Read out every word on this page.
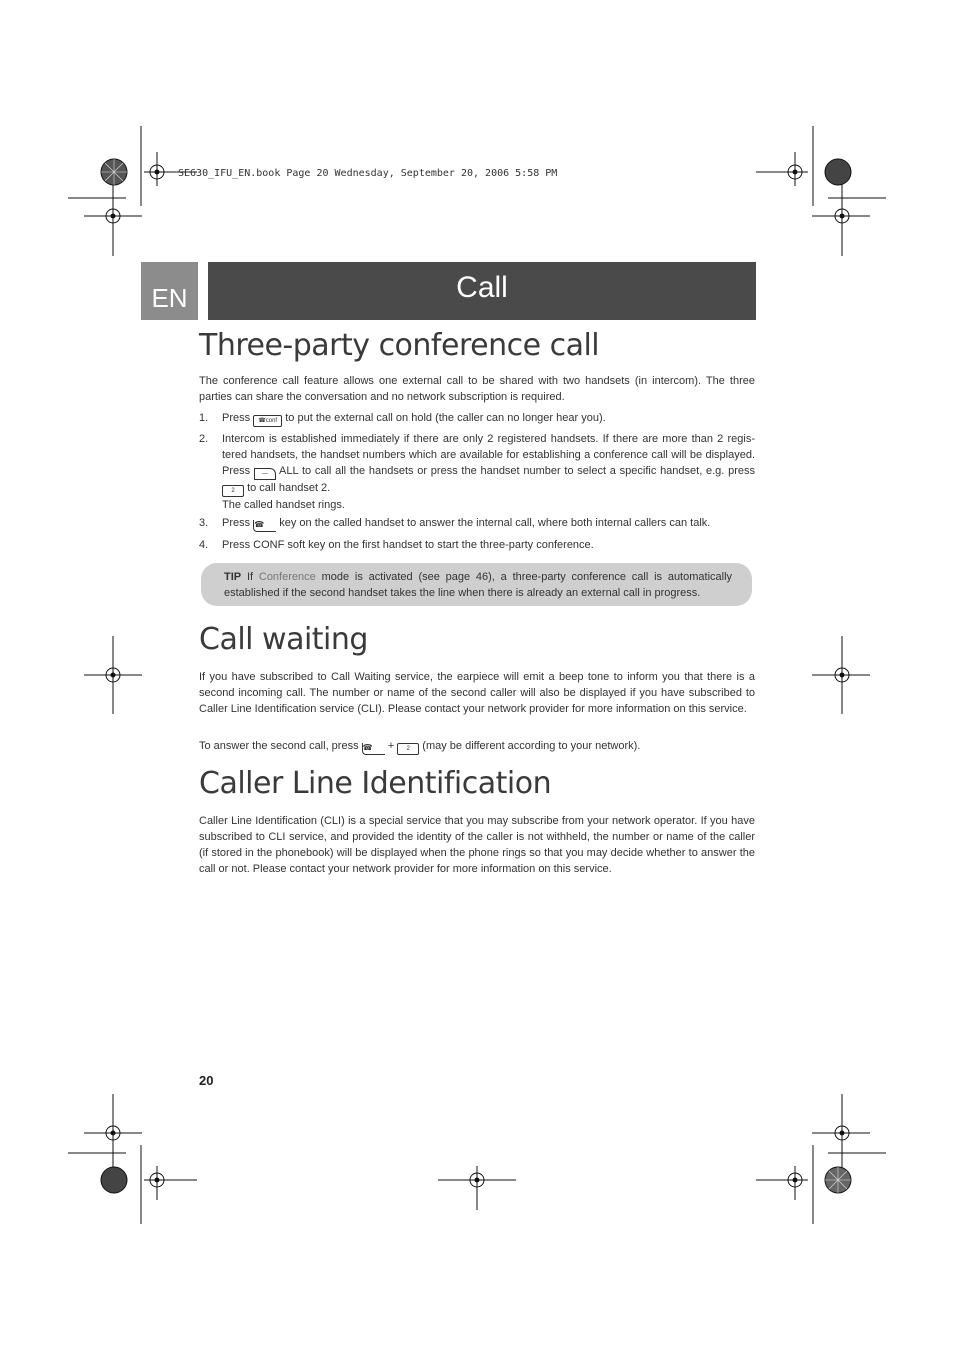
SE630_IFU_EN.book Page 20 Wednesday, September 20, 2006 5:58 PM
EN	Call
Three-party conference call

The conference call feature allows one external call to be shared with two handsets (in intercom). The three parties can share the conversation and no network subscription is required.

1. Press ☎conf to put the external call on hold (the caller can no longer hear you).
2. Intercom is established immediately if there are only 2 registered handsets. If there are more than 2 regis-tered handsets, the handset numbers which are available for establishing a conference call will be displayed. Press — ALL to call all the handsets or press the handset number to select a specific handset, e.g. press 2 to call handset 2.
The called handset rings.
3. Press ☎ key on the called handset to answer the internal call, where both internal callers can talk.
4. Press CONF soft key on the first handset to start the three-party conference.

TIP If Conference mode is activated (see page 46), a three-party conference call is automatically established if the second handset takes the line when there is already an external call in progress.

Call waiting

If you have subscribed to Call Waiting service, the earpiece will emit a beep tone to inform you that there is a second incoming call. The number or name of the second caller will also be displayed if you have subscribed to Caller Line Identification service (CLI). Please contact your network provider for more information on this service.

To answer the second call, press ☎ + 2 (may be different according to your network).

Caller Line Identification

Caller Line Identification (CLI) is a special service that you may subscribe from your network operator. If you have subscribed to CLI service, and provided the identity of the caller is not withheld, the number or name of the caller (if stored in the phonebook) will be displayed when the phone rings so that you may decide whether to answer the call or not. Please contact your network provider for more information on this service.

20
